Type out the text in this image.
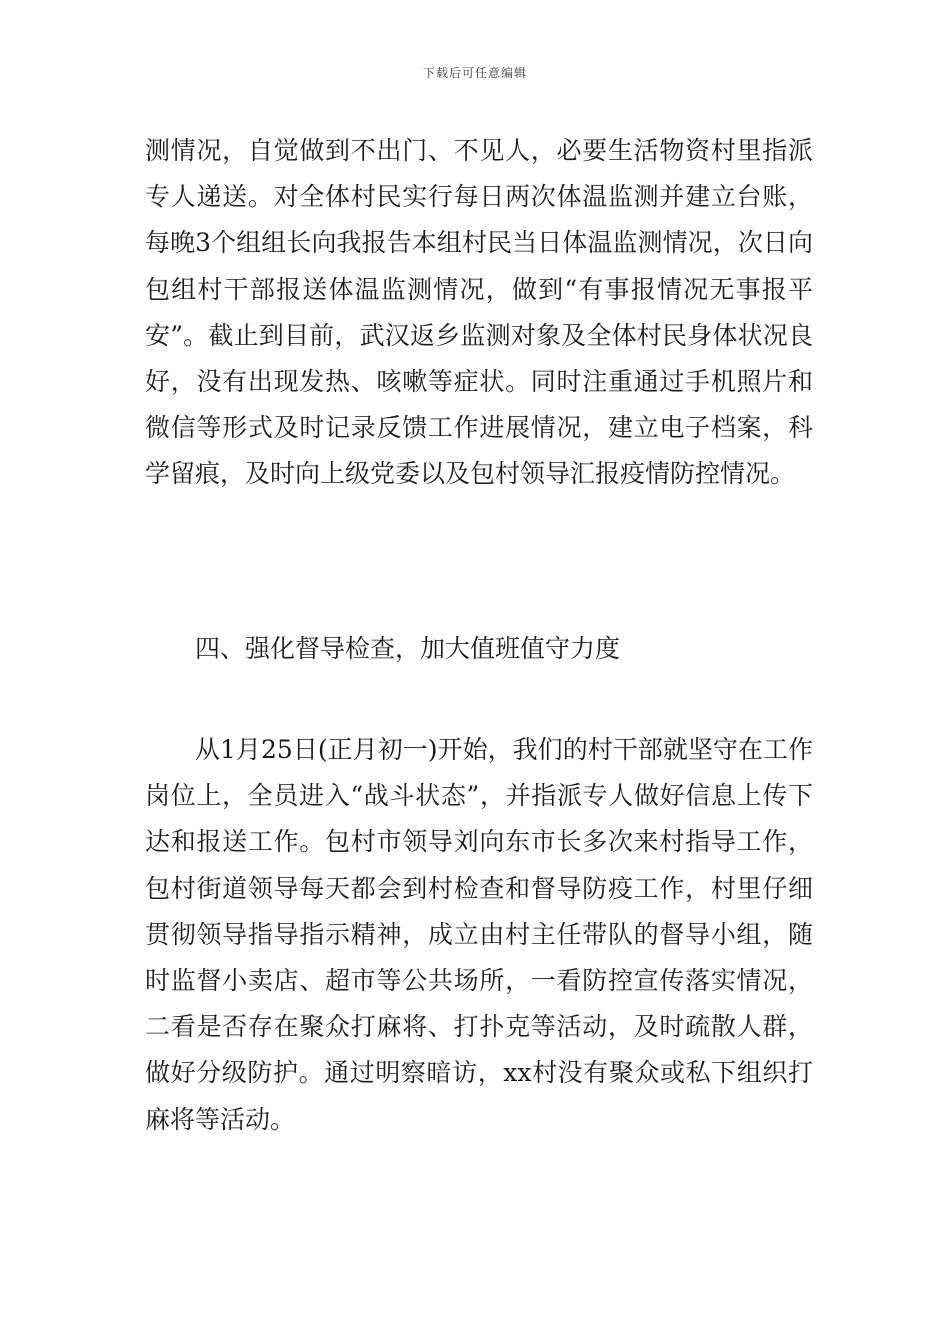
下载后可任意编辑

测情况，自觉做到不出门、不见人，必要生活物资村里指派专人递送。对全体村民实行每日两次体温监测并建立台账，每晚3个组组长向我报告本组村民当日体温监测情况，次日向包组村干部报送体温监测情况，做到“有事报情况无事报平安”。截止到目前，武汉返乡监测对象及全体村民身体状况良好，没有出现发热、咳嗽等症状。同时注重通过手机照片和微信等形式及时记录反馈工作进展情况，建立电子档案，科学留痕，及时向上级党委以及包村领导汇报疫情防控情况。

四、强化督导检查，加大值班值守力度

从1月25日(正月初一)开始，我们的村干部就坚守在工作岗位上，全员进入“战斗状态”，并指派专人做好信息上传下达和报送工作。包村市领导刘向东市长多次来村指导工作，包村街道领导每天都会到村检查和督导防疫工作，村里仔细贯彻领导指导指示精神，成立由村主任带队的督导小组，随时监督小卖店、超市等公共场所，一看防控宣传落实情况，二看是否存在聚众打麻将、打扑克等活动，及时疏散人群，做好分级防护。通过明察暗访，xx村没有聚众或私下组织打麻将等活动。
